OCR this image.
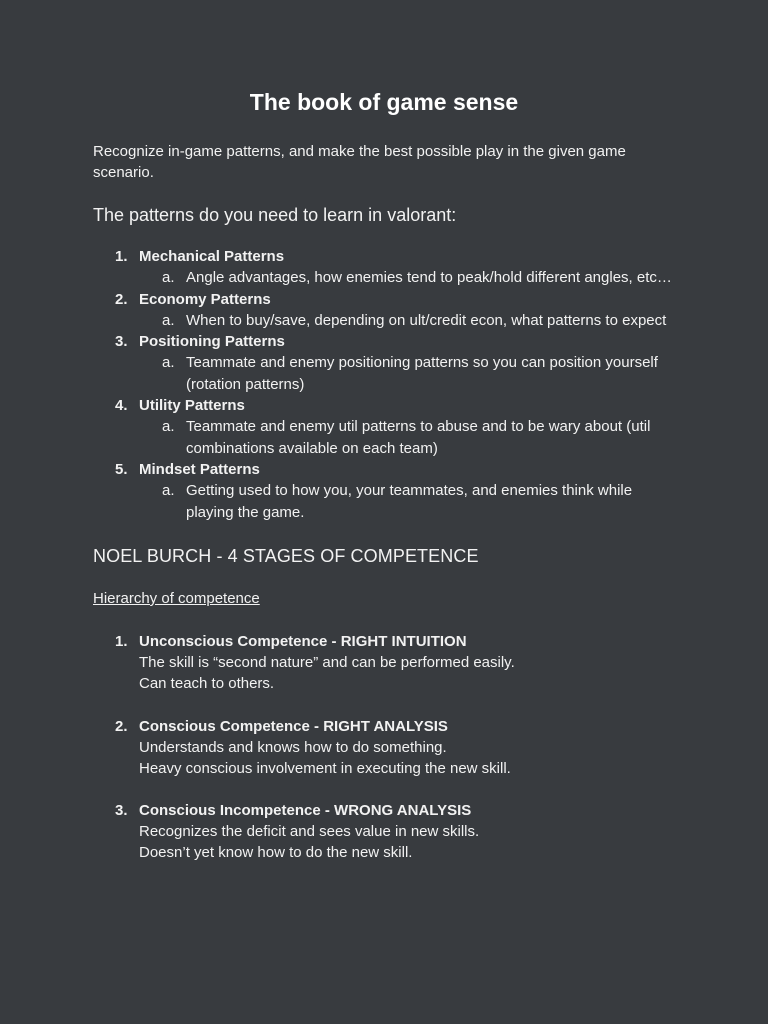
The book of game sense

Recognize in-game patterns, and make the best possible play in the given game scenario.

The patterns do you need to learn in valorant:

1. Mechanical Patterns
a. Angle advantages, how enemies tend to peak/hold different angles, etc…
2. Economy Patterns
a. When to buy/save, depending on ult/credit econ, what patterns to expect
3. Positioning Patterns
a. Teammate and enemy positioning patterns so you can position yourself (rotation patterns)
4. Utility Patterns
a. Teammate and enemy util patterns to abuse and to be wary about (util combinations available on each team)
5. Mindset Patterns
a. Getting used to how you, your teammates, and enemies think while playing the game.

NOEL BURCH - 4 STAGES OF COMPETENCE

Hierarchy of competence
1. Unconscious Competence - RIGHT INTUITION
The skill is “second nature” and can be performed easily.
Can teach to others.
2. Conscious Competence - RIGHT ANALYSIS
Understands and knows how to do something.
Heavy conscious involvement in executing the new skill.
3. Conscious Incompetence - WRONG ANALYSIS
Recognizes the deficit and sees value in new skills.
Doesn’t yet know how to do the new skill.
